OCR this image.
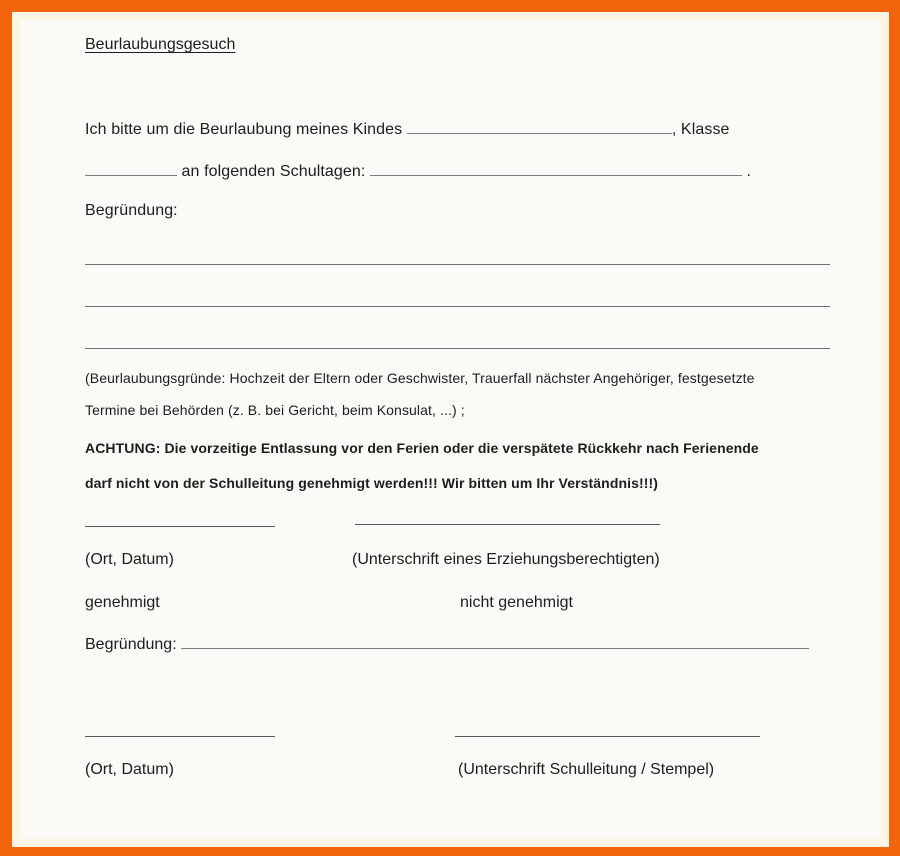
Beurlaubungsgesuch
Ich bitte um die Beurlaubung meines Kindes	, Klasse
an folgenden Schultagen:	.
Begründung:
(Beurlaubungsgründe: Hochzeit der Eltern oder Geschwister, Trauerfall nächster Angehöriger, festgesetzte
Termine bei Behörden (z. B. bei Gericht, beim Konsulat, ...) ;
ACHTUNG: Die vorzeitige Entlassung vor den Ferien oder die verspätete Rückkehr nach Ferienende
darf nicht von der Schulleitung genehmigt werden!!! Wir bitten um Ihr Verständnis!!!)
(Ort, Datum)	(Unterschrift eines Erziehungsberechtigten)
genehmigt	nicht genehmigt
Begründung:
(Ort, Datum)	(Unterschrift Schulleitung / Stempel)
